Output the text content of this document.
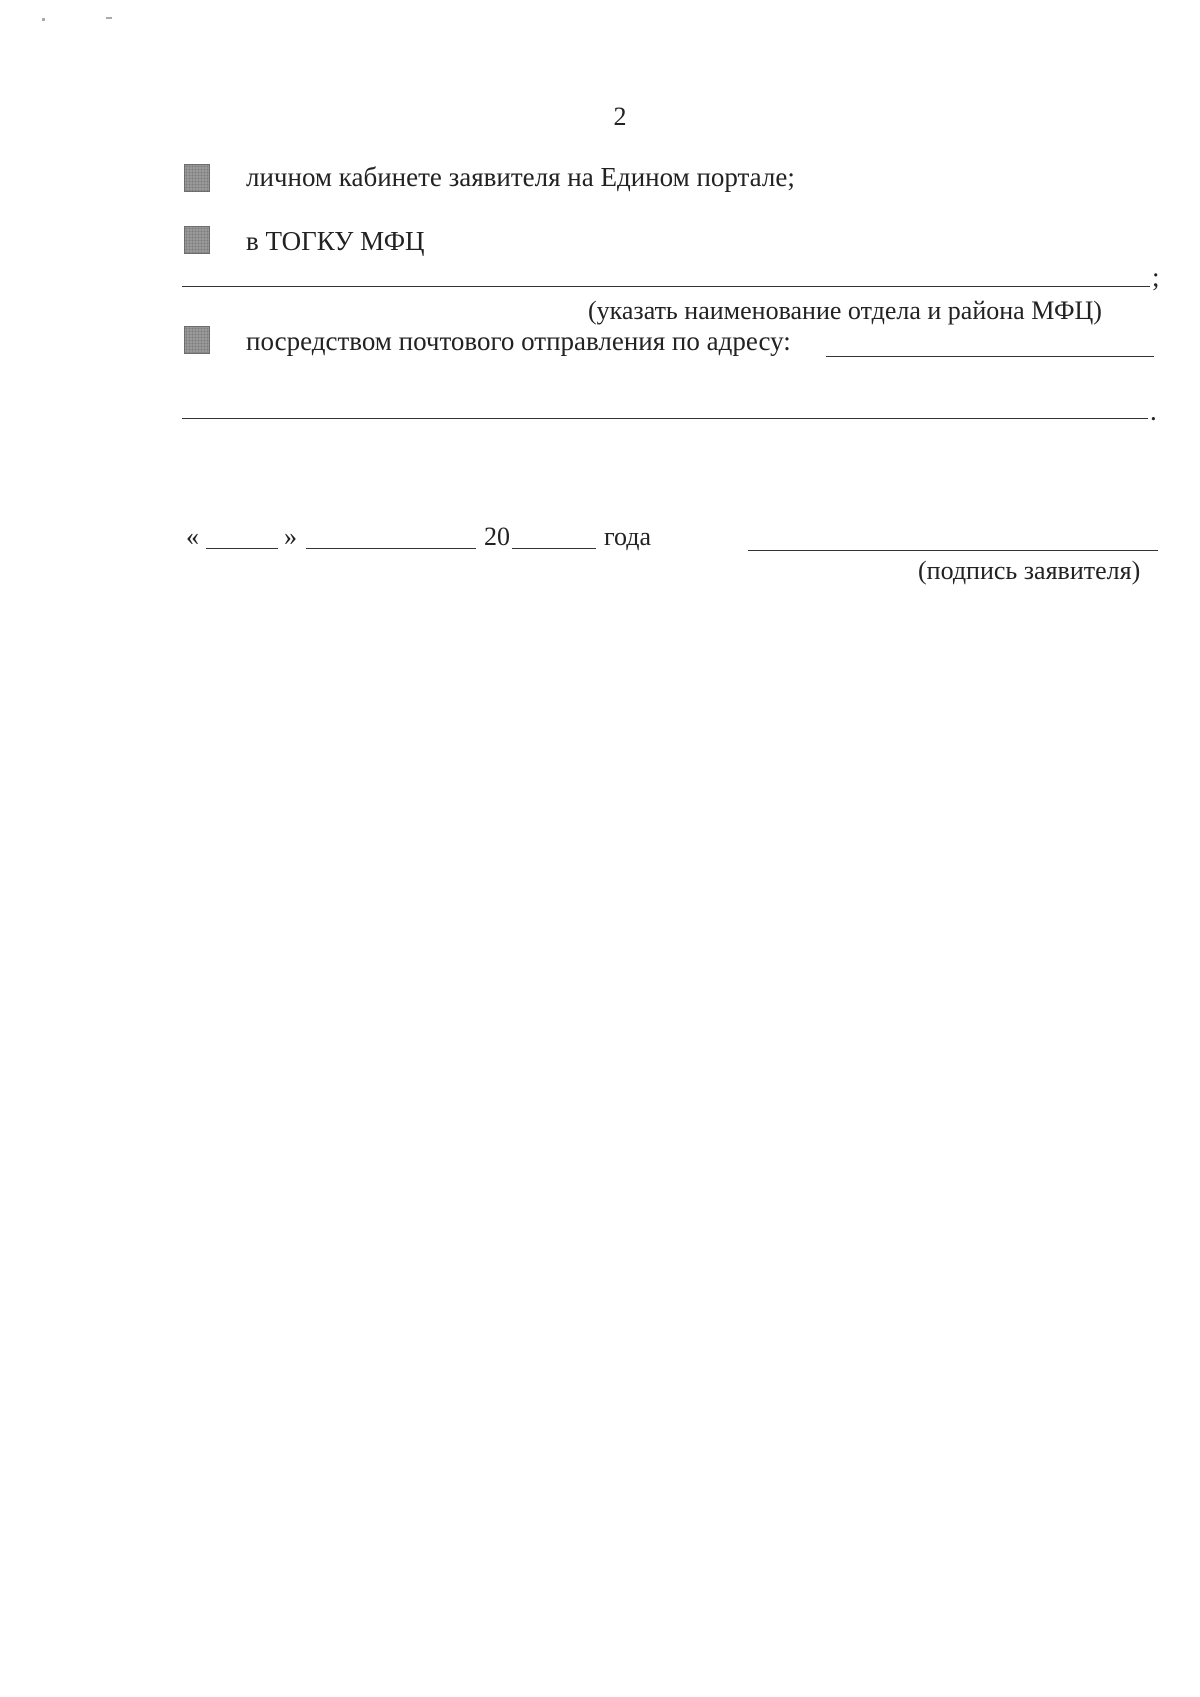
2
личном кабинете заявителя на Едином портале;
в ТОГКУ МФЦ
;
(указать наименование отдела и района МФЦ)
посредством почтового отправления по адресу:
.
«	»	20	года
(подпись заявителя)
